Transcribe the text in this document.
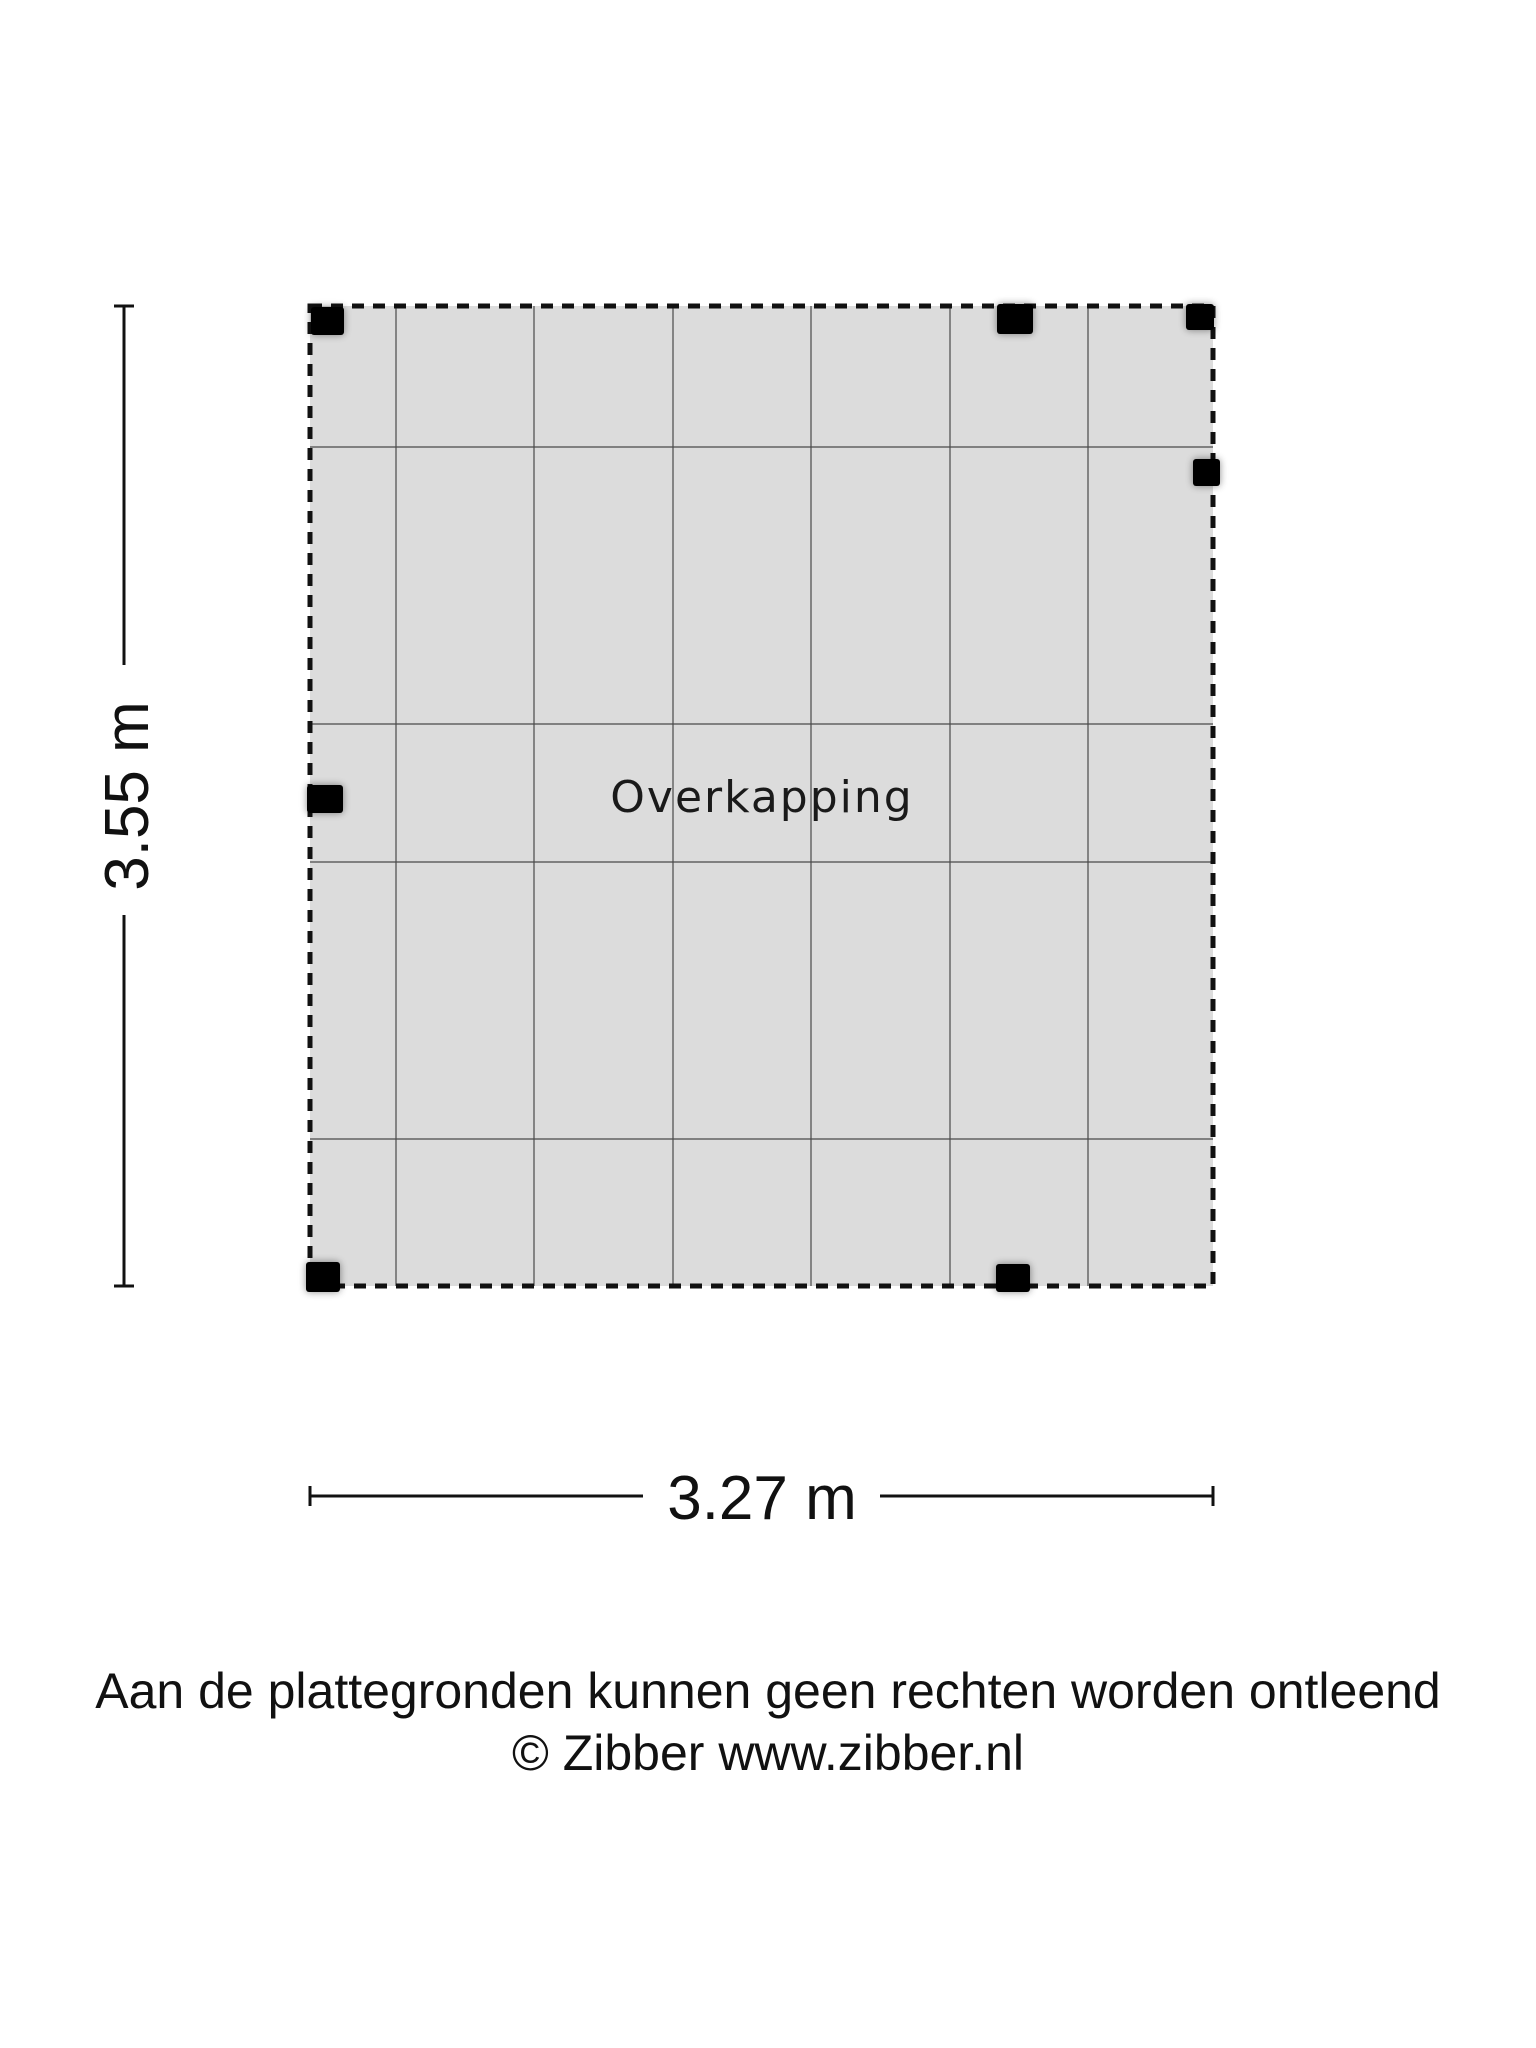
Overkapping
3.55 m
3.27 m
Aan de plattegronden kunnen geen rechten worden ontleend
© Zibber www.zibber.nl
